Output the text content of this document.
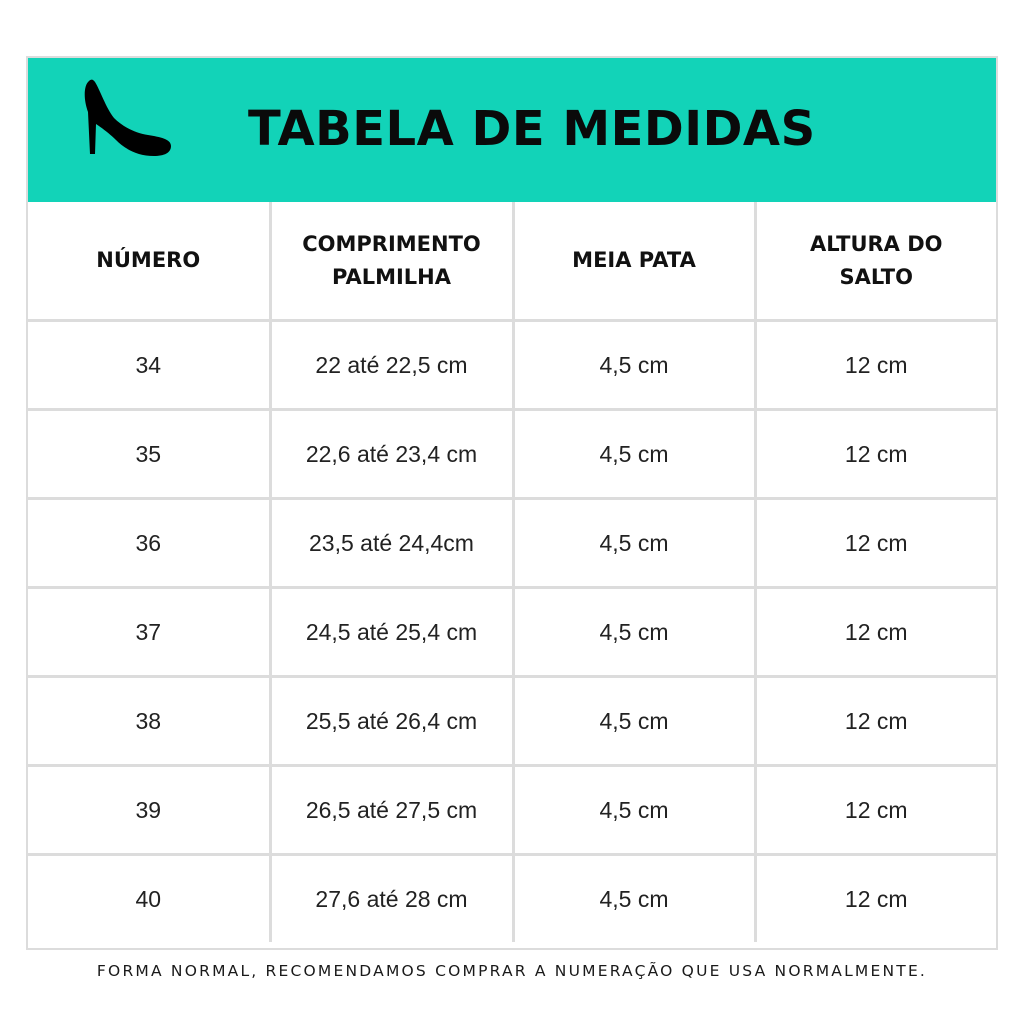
TABELA DE MEDIDAS
NÚMERO	COMPRIMENTO PALMILHA	MEIA PATA	ALTURA DO SALTO
34	22 até 22,5 cm	4,5 cm	12 cm
35	22,6 até 23,4 cm	4,5 cm	12 cm
36	23,5 até 24,4cm	4,5 cm	12 cm
37	24,5 até 25,4 cm	4,5 cm	12 cm
38	25,5 até 26,4 cm	4,5 cm	12 cm
39	26,5 até 27,5 cm	4,5 cm	12 cm
40	27,6 até 28 cm	4,5 cm	12 cm
FORMA NORMAL, RECOMENDAMOS COMPRAR A NUMERAÇÃO QUE USA NORMALMENTE.
